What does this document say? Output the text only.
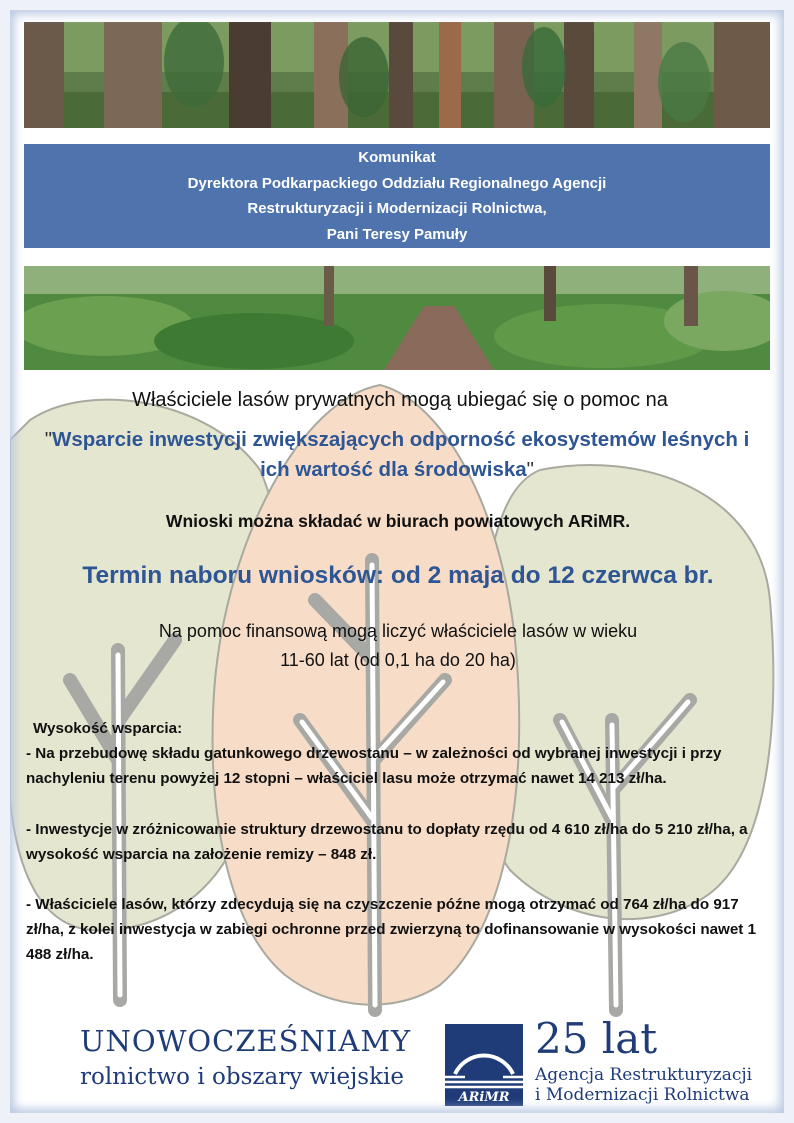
Komunikat
Dyrektora Podkarpackiego Oddziału Regionalnego Agencji
Restrukturyzacji i Modernizacji Rolnictwa,
Pani Teresy Pamuły
Właściciele lasów prywatnych mogą ubiegać się o pomoc na
"Wsparcie inwestycji zwiększających odporność ekosystemów leśnych i ich wartość dla środowiska"
Wnioski można składać w biurach powiatowych ARiMR.
Termin naboru wniosków: od 2 maja do 12 czerwca br.
Na pomoc finansową mogą liczyć właściciele lasów w wieku
11-60 lat (od 0,1 ha do 20 ha)

Wysokość wsparcia:

- Na przebudowę składu gatunkowego drzewostanu – w zależności od wybranej inwestycji i przy nachyleniu terenu powyżej 12 stopni – właściciel lasu może otrzymać nawet 14 213 zł/ha.

- Inwestycje w zróżnicowanie struktury drzewostanu to dopłaty rzędu od 4 610 zł/ha do 5 210 zł/ha, a wysokość wsparcia na założenie remizy – 848 zł.

- Właściciele lasów, którzy zdecydują się na czyszczenie późne mogą otrzymać od 764 zł/ha do 917 zł/ha, z kolei inwestycja w zabiegi ochronne przed zwierzyną to dofinansowanie w wysokości nawet 1 488 zł/ha.

UNOWOCZEŚNIAMY
rolnictwo i obszary wiejskie
ARiMR
25 lat
Agencja Restrukturyzacji
i Modernizacji Rolnictwa
